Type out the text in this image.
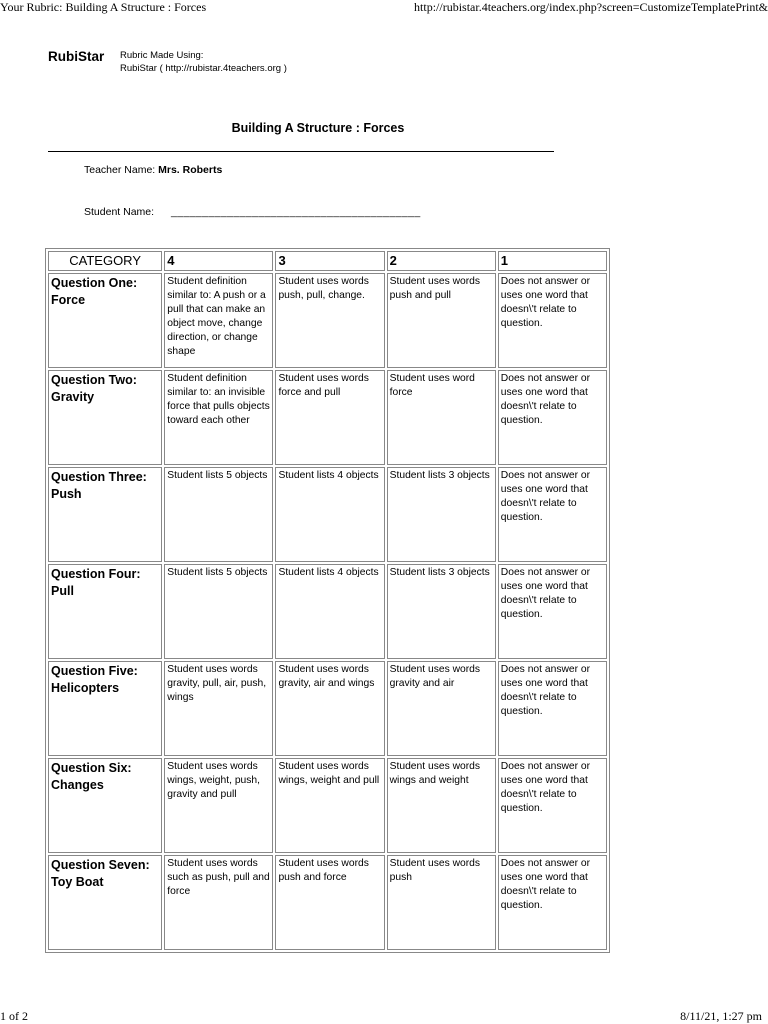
Your Rubric: Building A Structure : Forces	http://rubistar.4teachers.org/index.php?screen=CustomizeTemplatePrint&
RubiStar Rubric Made Using:
RubiStar ( http://rubistar.4teachers.org )
Building A Structure : Forces
Teacher Name: Mrs. Roberts
Student Name: ________________________________________
CATEGORY	4	3	2	1
Question One: Force	Student definition similar to: A push or a pull that can make an object move, change direction, or change shape	Student uses words push, pull, change.	Student uses words push and pull	Does not answer or uses one word that doesn\'t relate to question.
Question Two: Gravity	Student definition similar to: an invisible force that pulls objects toward each other	Student uses words force and pull	Student uses word force	Does not answer or uses one word that doesn\'t relate to question.
Question Three: Push	Student lists 5 objects	Student lists 4 objects	Student lists 3 objects	Does not answer or uses one word that doesn\'t relate to question.
Question Four: Pull	Student lists 5 objects	Student lists 4 objects	Student lists 3 objects	Does not answer or uses one word that doesn\'t relate to question.
Question Five: Helicopters	Student uses words gravity, pull, air, push, wings	Student uses words gravity, air and wings	Student uses words gravity and air	Does not answer or uses one word that doesn\'t relate to question.
Question Six: Changes	Student uses words wings, weight, push, gravity and pull	Student uses words wings, weight and pull	Student uses words wings and weight	Does not answer or uses one word that doesn\'t relate to question.
Question Seven: Toy Boat	Student uses words such as push, pull and force	Student uses words push and force	Student uses words push	Does not answer or uses one word that doesn\'t relate to question.
1 of 2	8/11/21, 1:27 pm
